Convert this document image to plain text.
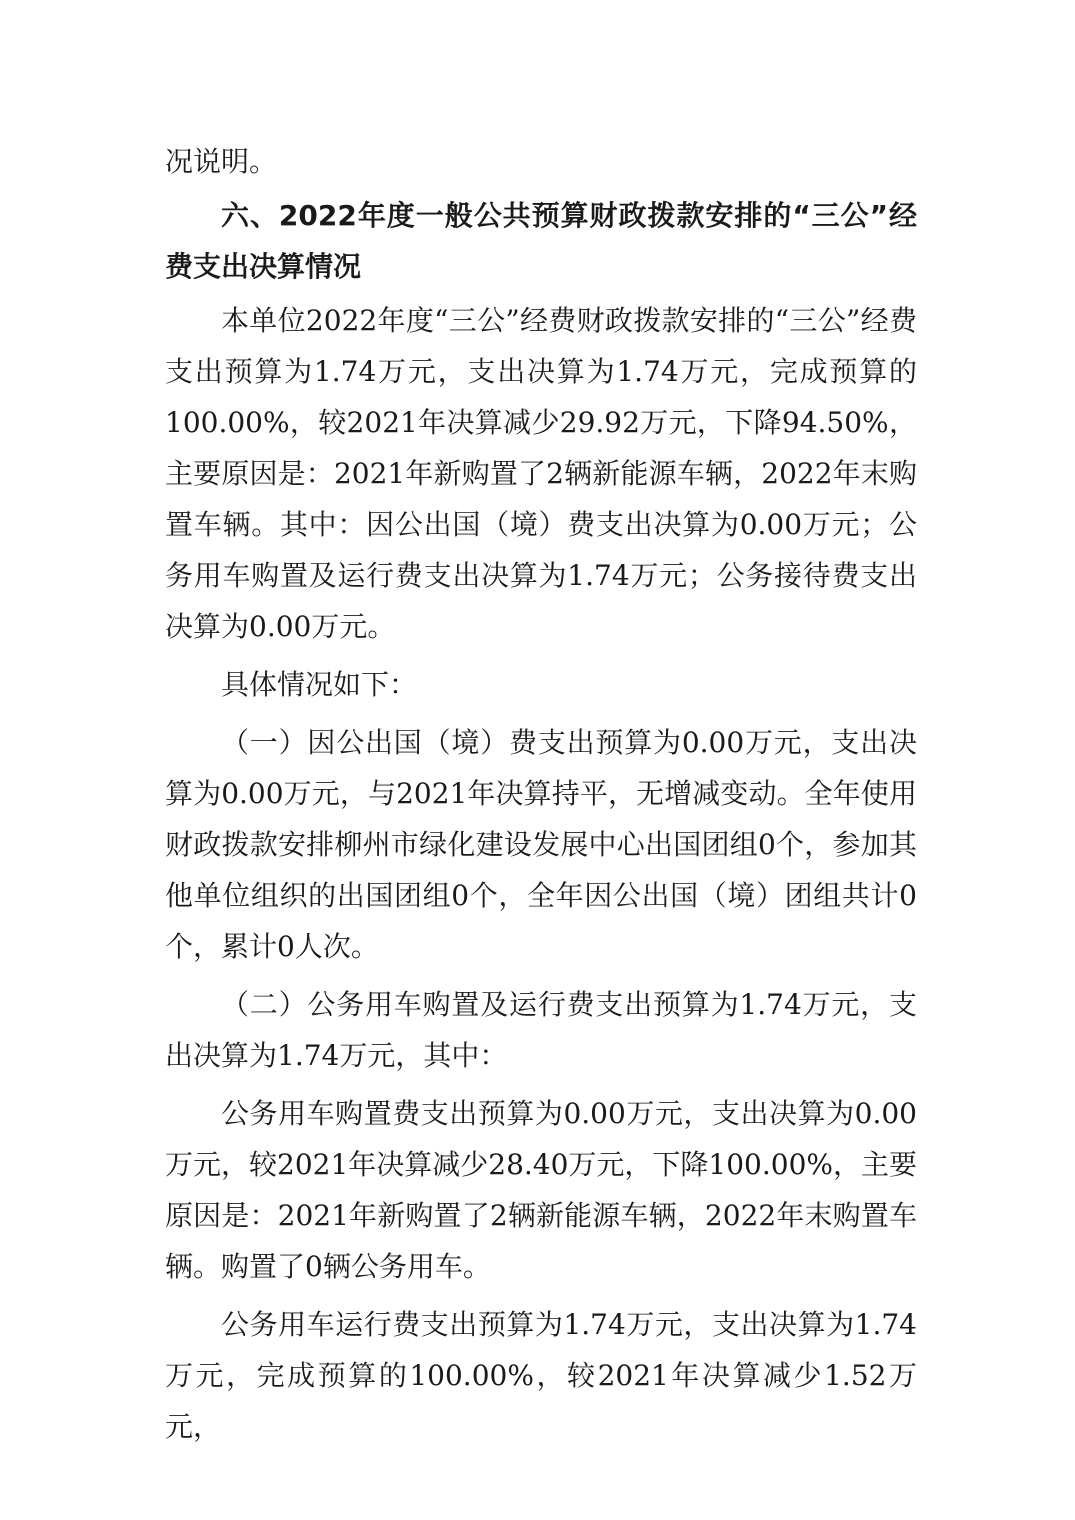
况说明。

六、2022年度一般公共预算财政拨款安排的“三公”经费支出决算情况

本单位2022年度“三公”经费财政拨款安排的“三公”经费支出预算为1.74万元，支出决算为1.74万元，完成预算的100.00%，较2021年决算减少29.92万元，下降94.50%，主要原因是：2021年新购置了2辆新能源车辆，2022年末购置车辆。其中：因公出国（境）费支出决算为0.00万元；公务用车购置及运行费支出决算为1.74万元；公务接待费支出决算为0.00万元。

具体情况如下：

（一）因公出国（境）费支出预算为0.00万元，支出决算为0.00万元，与2021年决算持平，无增减变动。全年使用财政拨款安排柳州市绿化建设发展中心出国团组0个，参加其他单位组织的出国团组0个，全年因公出国（境）团组共计0个，累计0人次。

（二）公务用车购置及运行费支出预算为1.74万元，支出决算为1.74万元，其中：

公务用车购置费支出预算为0.00万元，支出决算为0.00万元，较2021年决算减少28.40万元，下降100.00%，主要原因是：2021年新购置了2辆新能源车辆，2022年末购置车辆。购置了0辆公务用车。

公务用车运行费支出预算为1.74万元，支出决算为1.74万元，完成预算的100.00%，较2021年决算减少1.52万元，
